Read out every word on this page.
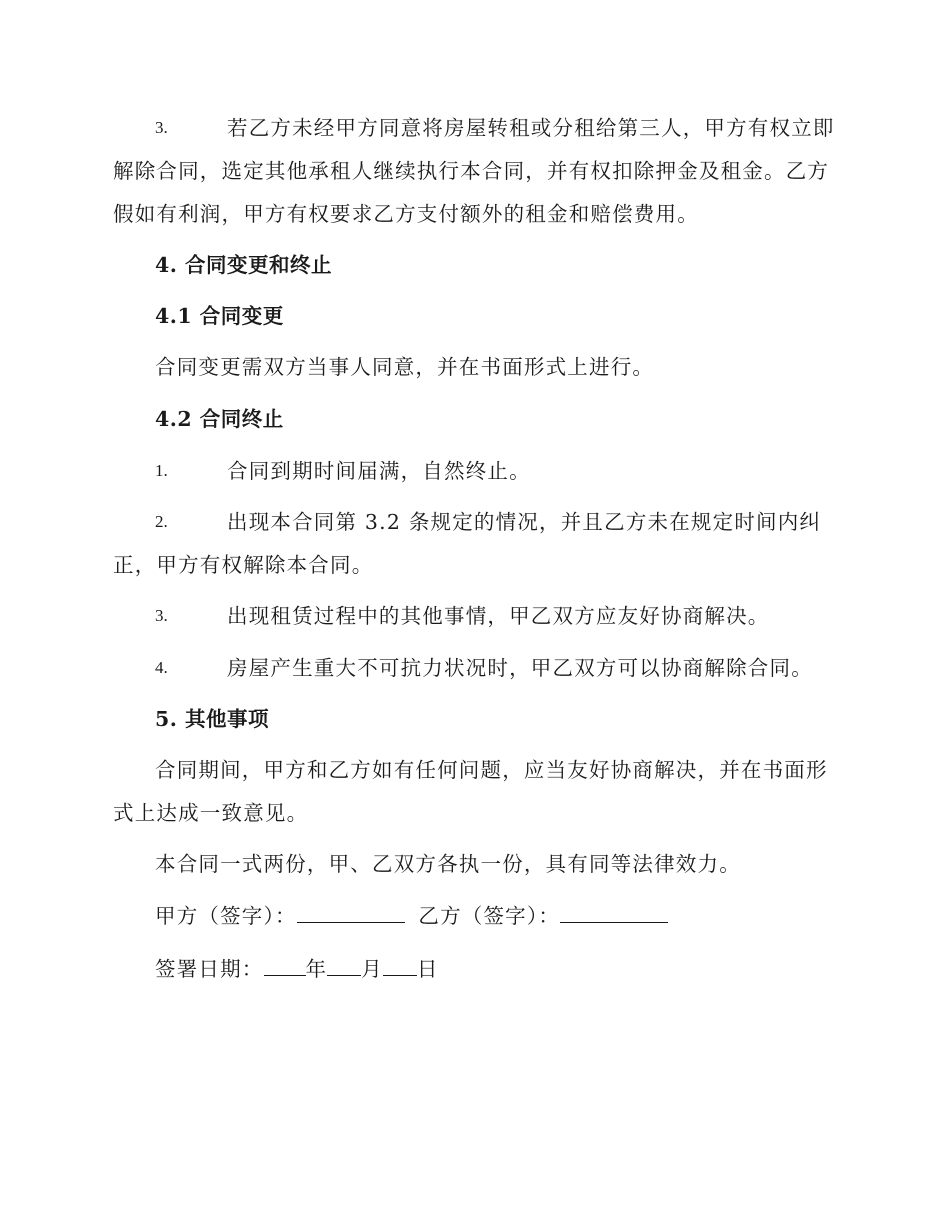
3.	若乙方未经甲方同意将房屋转租或分租给第三人，甲方有权立即
解除合同，选定其他承租人继续执行本合同，并有权扣除押金及租金。乙方
假如有利润，甲方有权要求乙方支付额外的租金和赔偿费用。
4. 合同变更和终止
4.1 合同变更
合同变更需双方当事人同意，并在书面形式上进行。
4.2 合同终止
1.	合同到期时间届满，自然终止。
2.	出现本合同第 3.2 条规定的情况，并且乙方未在规定时间内纠
正，甲方有权解除本合同。
3.	出现租赁过程中的其他事情，甲乙双方应友好协商解决。
4.	房屋产生重大不可抗力状况时，甲乙双方可以协商解除合同。
5. 其他事项
合同期间，甲方和乙方如有任何问题，应当友好协商解决，并在书面形
式上达成一致意见。
本合同一式两份，甲、乙双方各执一份，具有同等法律效力。
甲方（签字）：	乙方（签字）：
签署日期： 年 月 日
